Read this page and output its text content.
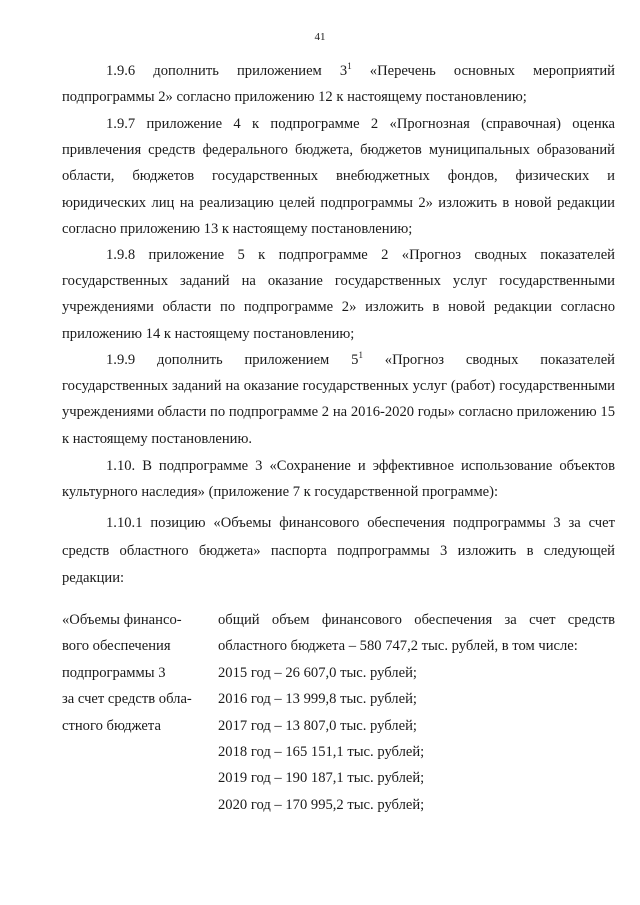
41

1.9.6 дополнить приложением $3^1$ «Перечень основных мероприятий подпрограммы 2» согласно приложению 12 к настоящему постановлению;

1.9.7 приложение 4 к подпрограмме 2 «Прогнозная (справочная) оценка привлечения средств федерального бюджета, бюджетов муниципальных образований области, бюджетов государственных внебюджетных фондов, физических и юридических лиц на реализацию целей подпрограммы 2» изложить в новой редакции согласно приложению 13 к настоящему постановлению;

1.9.8 приложение 5 к подпрограмме 2 «Прогноз сводных показателей государственных заданий на оказание государственных услуг государственными учреждениями области по подпрограмме 2» изложить в новой редакции согласно приложению 14 к настоящему постановлению;

1.9.9 дополнить приложением $5^1$ «Прогноз сводных показателей государственных заданий на оказание государственных услуг (работ) государственными учреждениями области по подпрограмме 2 на 2016-2020 годы» согласно приложению 15 к настоящему постановлению.

1.10. В подпрограмме 3 «Сохранение и эффективное использование объектов культурного наследия» (приложение 7 к государственной программе):

1.10.1 позицию «Объемы финансового обеспечения подпрограммы 3 за счет средств областного бюджета» паспорта подпрограммы 3 изложить в следующей редакции:

«Объемы финансо-
вого обеспечения
подпрограммы 3
за счет средств обла-
стного бюджета
общий объем финансового обеспечения за счет средств областного бюджета – 580 747,2 тыс. рублей, в том числе:
2015 год – 26 607,0 тыс. рублей;
2016 год – 13 999,8 тыс. рублей;
2017 год – 13 807,0 тыс. рублей;
2018 год – 165 151,1 тыс. рублей;
2019 год – 190 187,1 тыс. рублей;
2020 год – 170 995,2 тыс. рублей;
